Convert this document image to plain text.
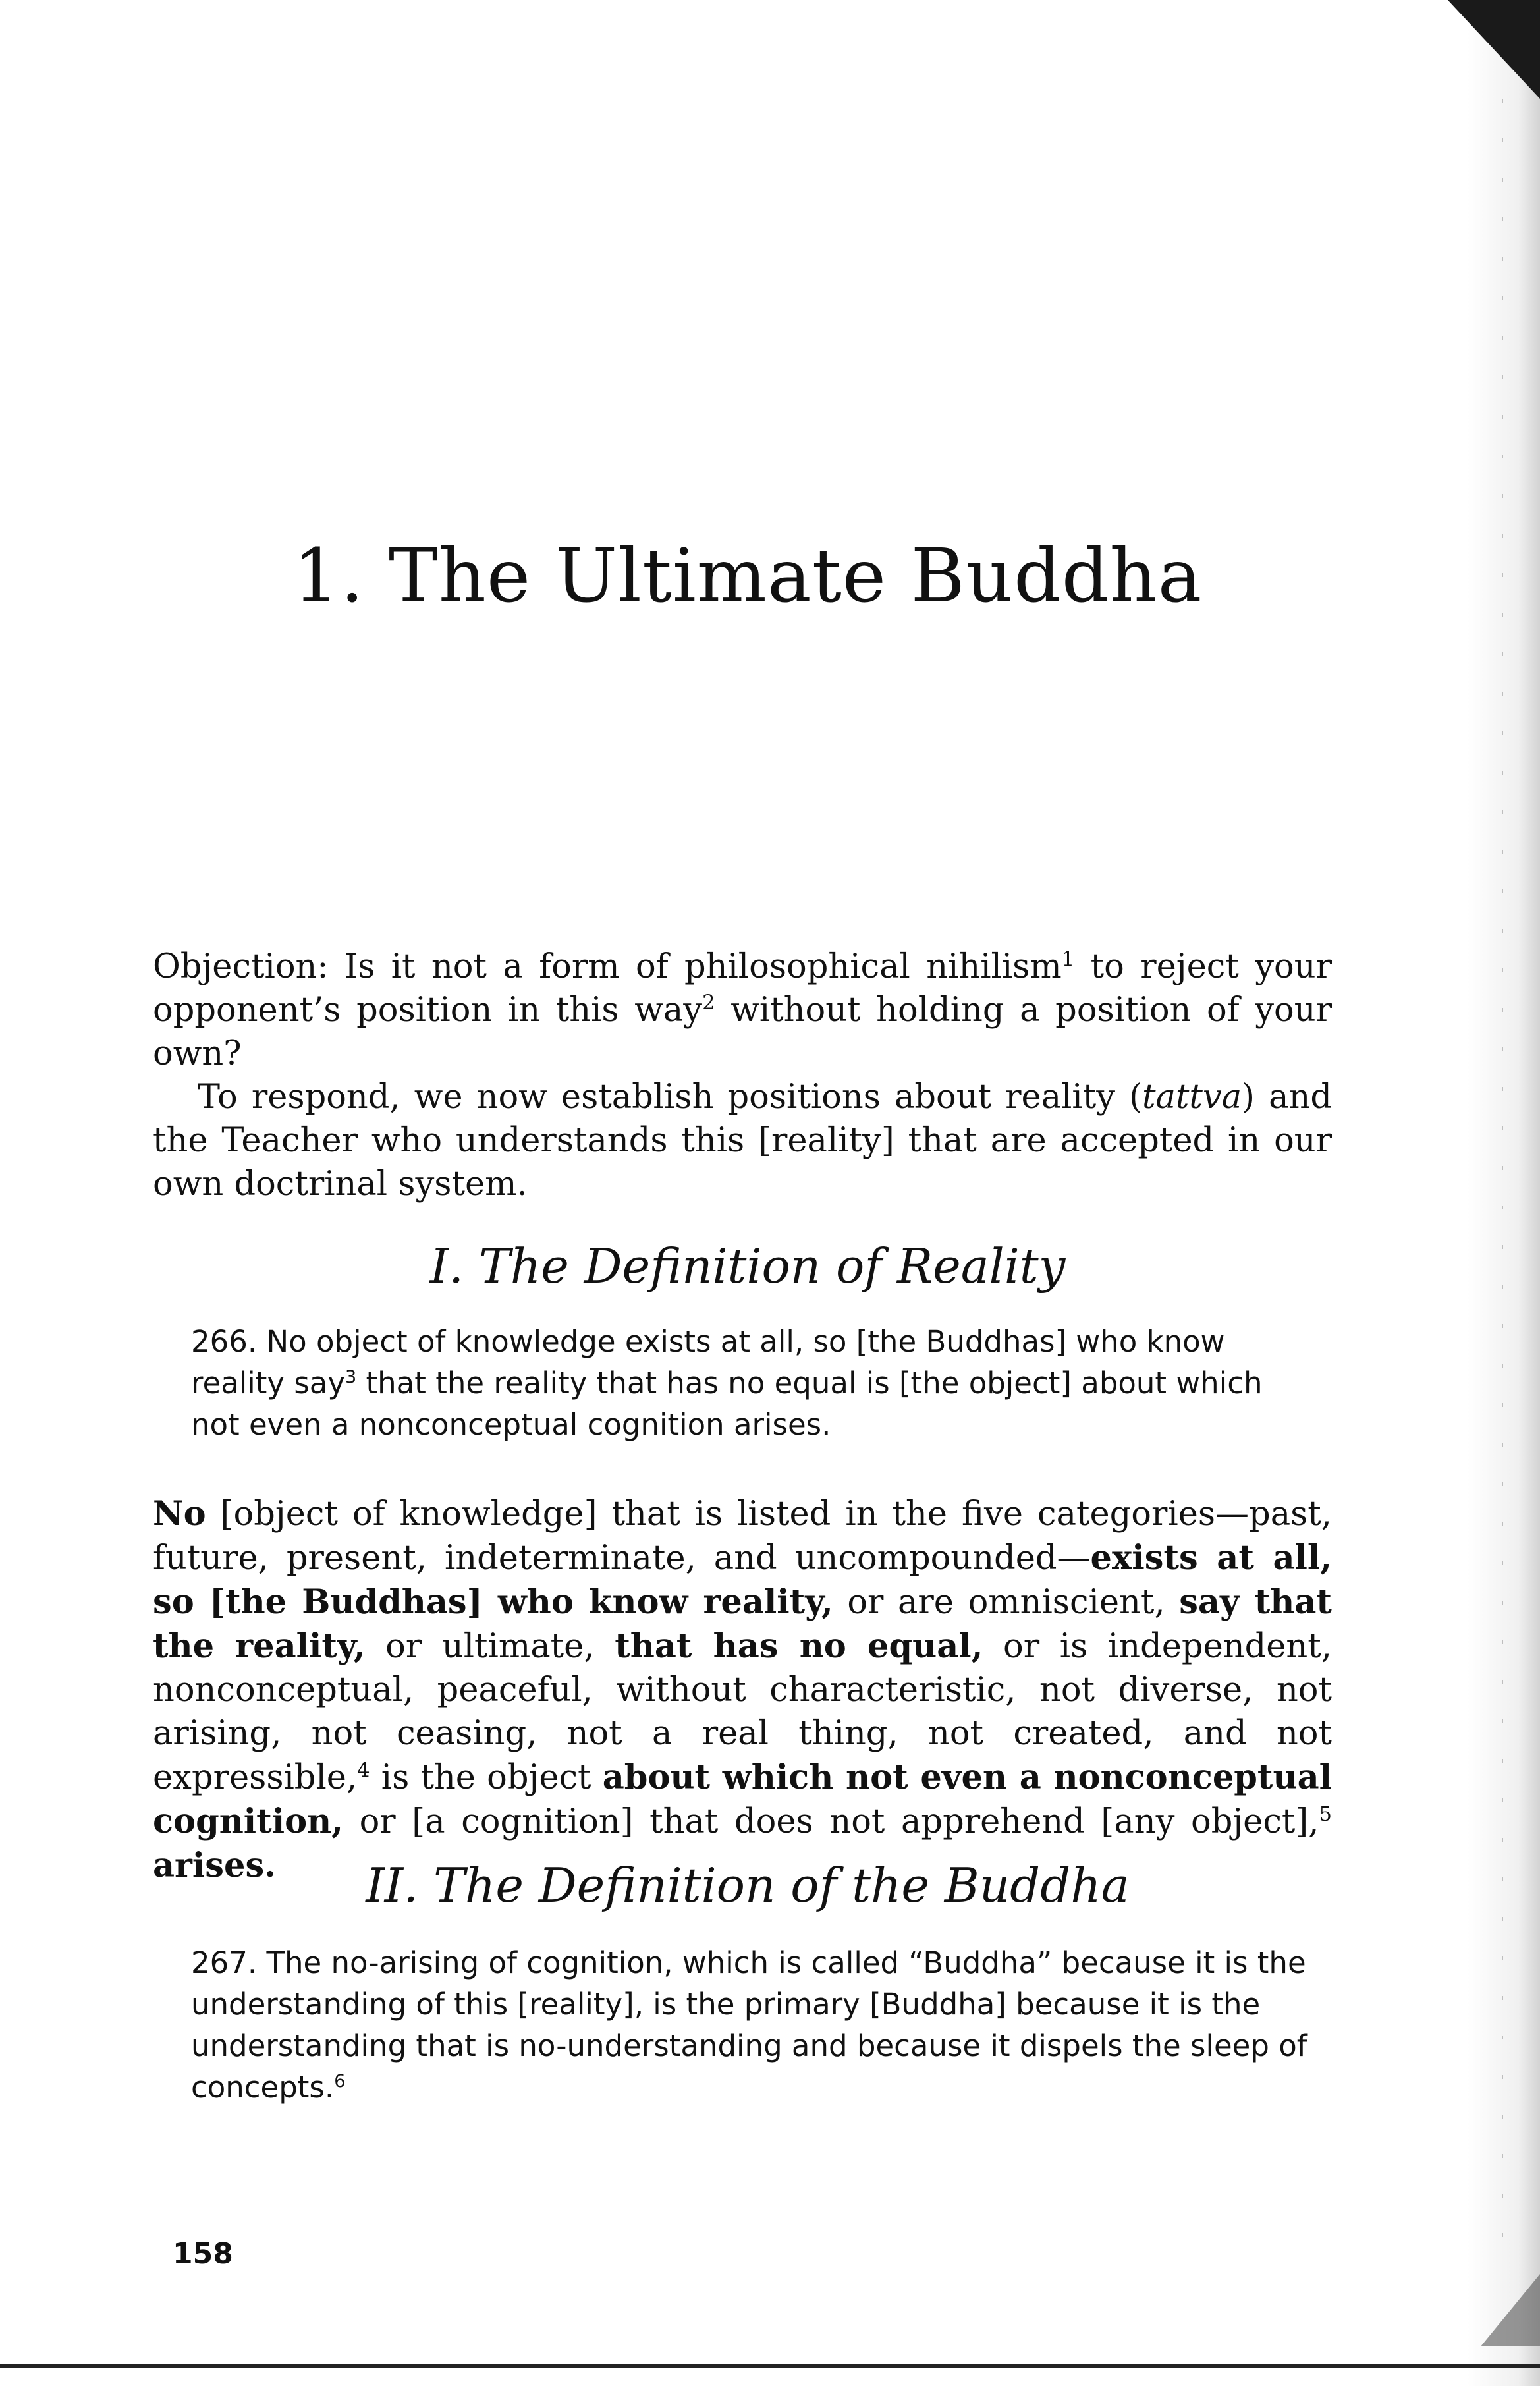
1. The Ultimate Buddha

Objection: Is it not a form of philosophical nihilism$^1$ to reject your opponent’s position in this way$^2$ without holding a position of your own?

To respond, we now establish positions about reality (tattva) and the Teacher who understands this [reality] that are accepted in our own doctrinal system.

I. The Definition of Reality
266. No object of knowledge exists at all, so [the Buddhas] who know reality say$^3$ that the reality that has no equal is [the object] about which not even a nonconceptual cognition arises.
No [object of knowledge] that is listed in the five categories—past, future, present, indeterminate, and uncompounded—exists at all, so [the Buddhas] who know reality, or are omniscient, say that the reality, or ultimate, that has no equal, or is independent, nonconceptual, peaceful, without characteristic, not diverse, not arising, not ceasing, not a real thing, not created, and not expressible,$^4$ is the object about which not even a nonconceptual cognition, or [a cognition] that does not apprehend [any object],$^5$ arises.	II. The Definition of the Buddha
267. The no-arising of cognition, which is called “Buddha” because it is the understanding of this [reality], is the primary [Buddha] because it is the understanding that is no-understanding and because it dispels the sleep of concepts.$^6$
158
